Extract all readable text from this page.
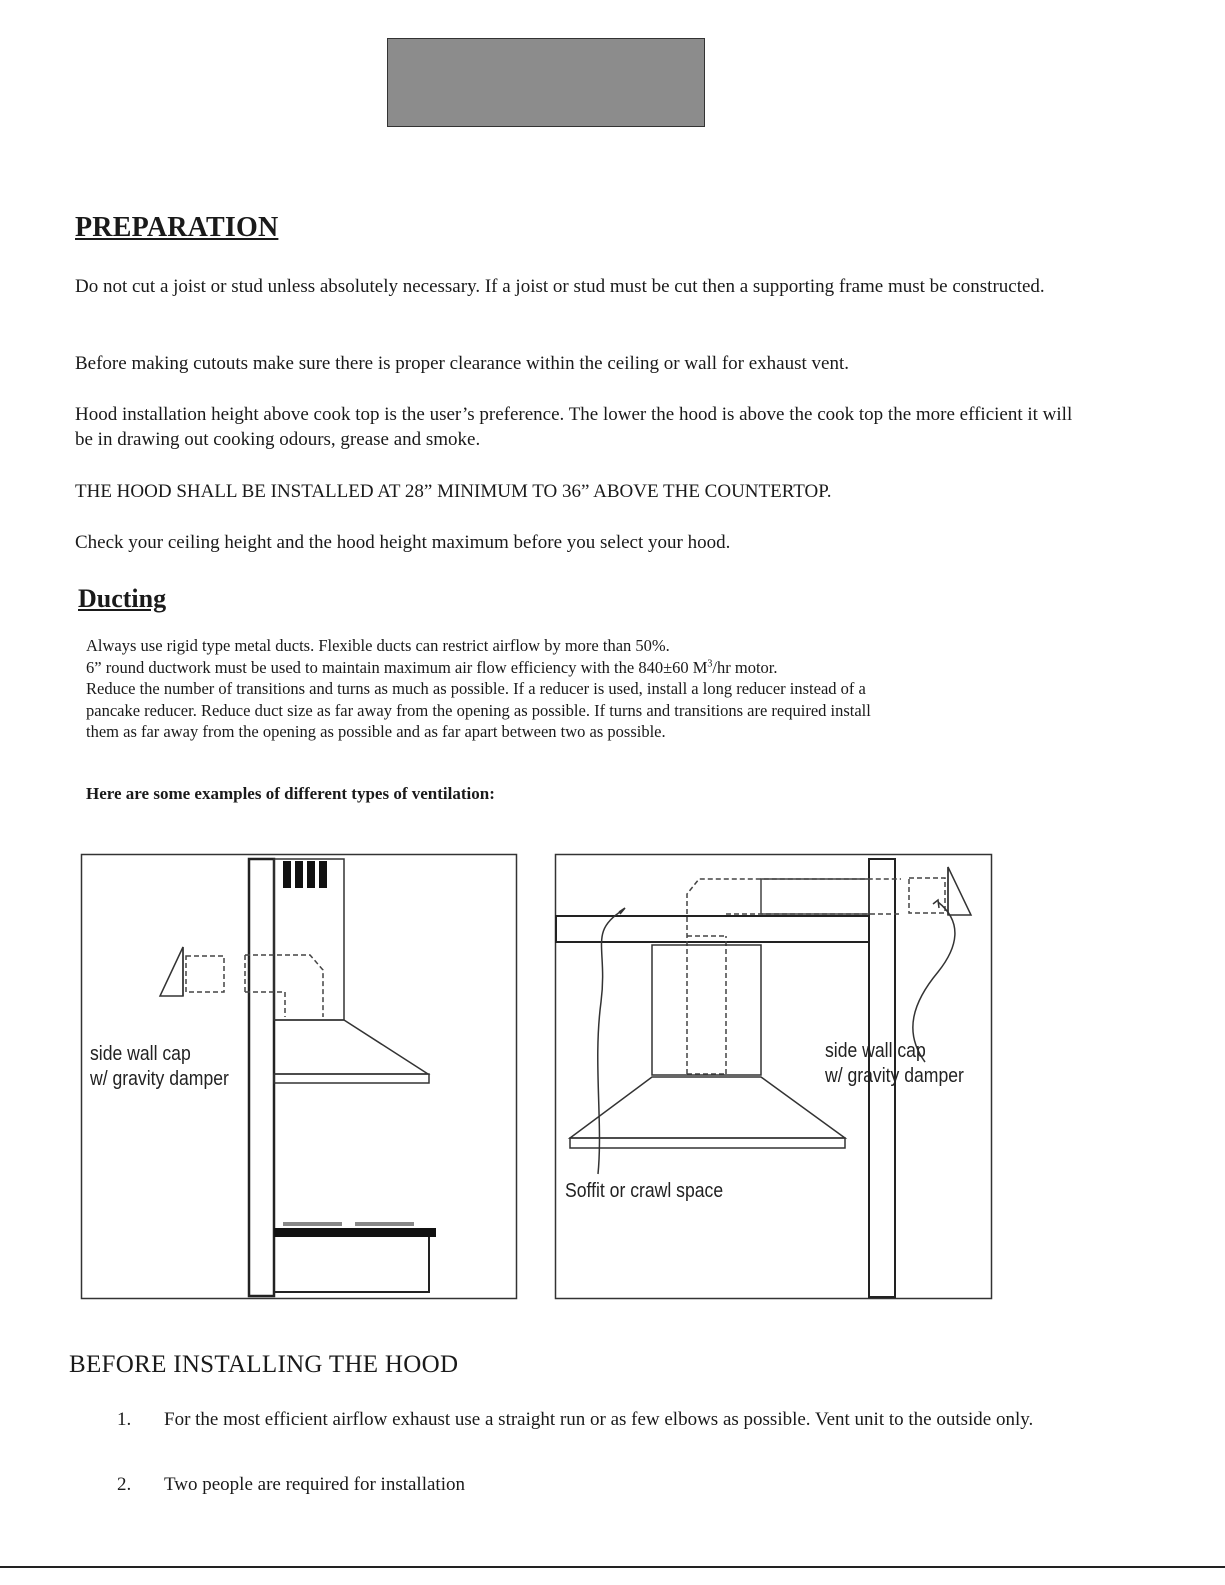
PREPARATION

Do not cut a joist or stud unless absolutely necessary. If a joist or stud must be cut then a supporting frame must be constructed.

Before making cutouts make sure there is proper clearance within the ceiling or wall for exhaust vent.

Hood installation height above cook top is the user’s preference. The lower the hood is above the cook top the more efficient it will be in drawing out cooking odours, grease and smoke.

THE HOOD SHALL BE INSTALLED AT 28” MINIMUM TO 36” ABOVE THE COUNTERTOP.

Check your ceiling height and the hood height maximum before you select your hood.

Ducting
Always use rigid type metal ducts. Flexible ducts can restrict airflow by more than 50%.
6” round ductwork must be used to maintain maximum air flow efficiency with the 840±60 $M^3/hr$ motor.
Reduce the number of transitions and turns as much as possible. If a reducer is used, install a long reducer instead of a
pancake reducer. Reduce duct size as far away from the opening as possible. If turns and transitions are required install
them as far away from the opening as possible and as far apart between two as possible.

Here are some examples of different types of ventilation:

side wall cap
w/ gravity damper
side wall cap
w/ gravity damper
Soffit or crawl space
BEFORE INSTALLING THE HOOD
1. For the most efficient airflow exhaust use a straight run or as few elbows as possible. Vent unit to the outside only.
2. Two people are required for installation
